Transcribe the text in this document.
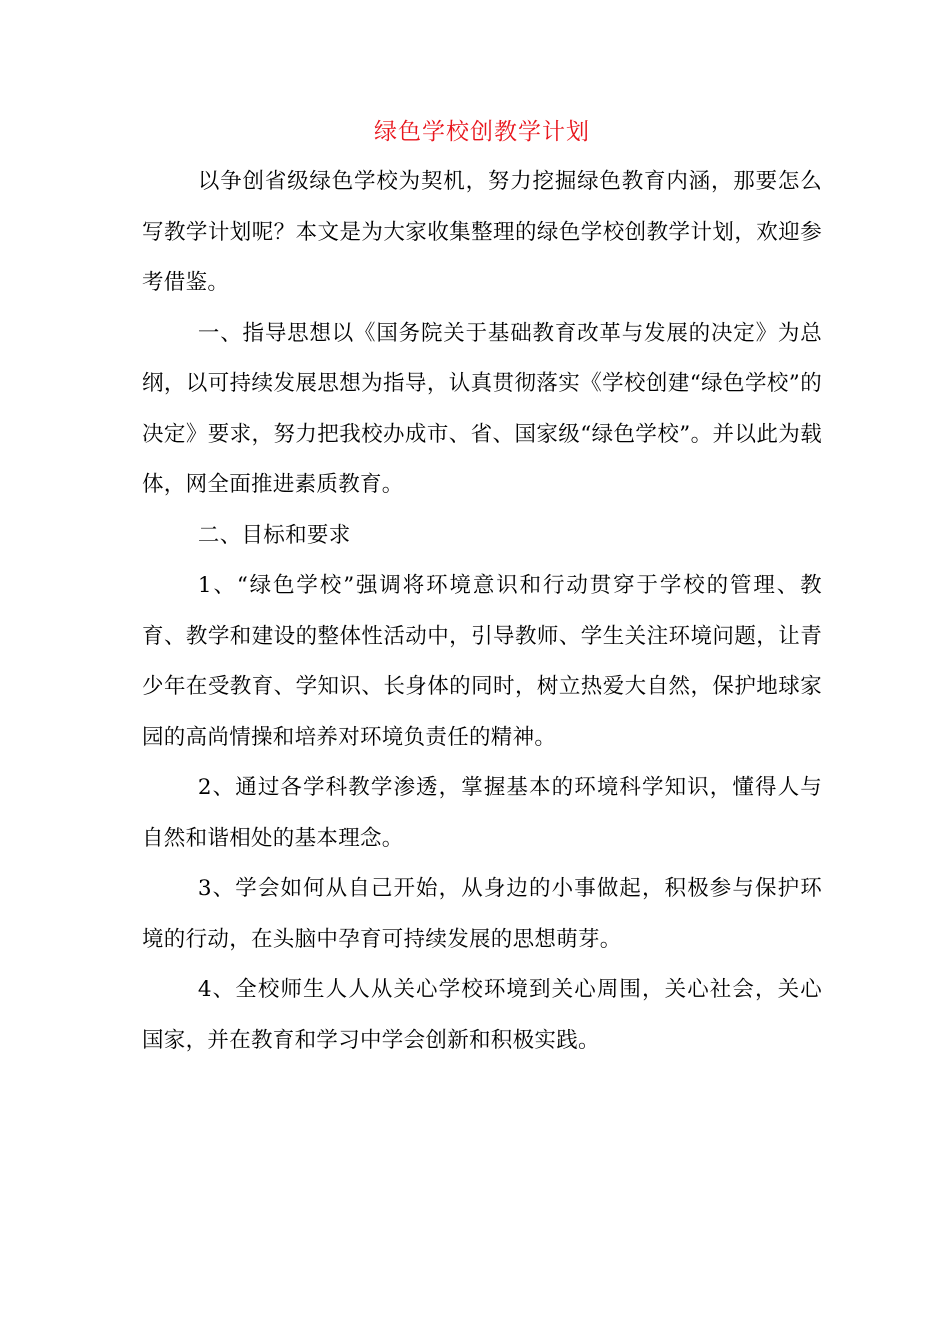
绿色学校创教学计划

以争创省级绿色学校为契机，努力挖掘绿色教育内涵，那要怎么写教学计划呢？本文是为大家收集整理的绿色学校创教学计划，欢迎参考借鉴。

一、指导思想以《国务院关于基础教育改革与发展的决定》为总纲，以可持续发展思想为指导，认真贯彻落实《学校创建“绿色学校”的决定》要求，努力把我校办成市、省、国家级“绿色学校”。并以此为载体，网全面推进素质教育。

二、目标和要求

1、“绿色学校”强调将环境意识和行动贯穿于学校的管理、教育、教学和建设的整体性活动中，引导教师、学生关注环境问题，让青少年在受教育、学知识、长身体的同时，树立热爱大自然，保护地球家园的高尚情操和培养对环境负责任的精神。

2、通过各学科教学渗透，掌握基本的环境科学知识，懂得人与自然和谐相处的基本理念。

3、学会如何从自己开始，从身边的小事做起，积极参与保护环境的行动，在头脑中孕育可持续发展的思想萌芽。

4、全校师生人人从关心学校环境到关心周围，关心社会，关心国家，并在教育和学习中学会创新和积极实践。
